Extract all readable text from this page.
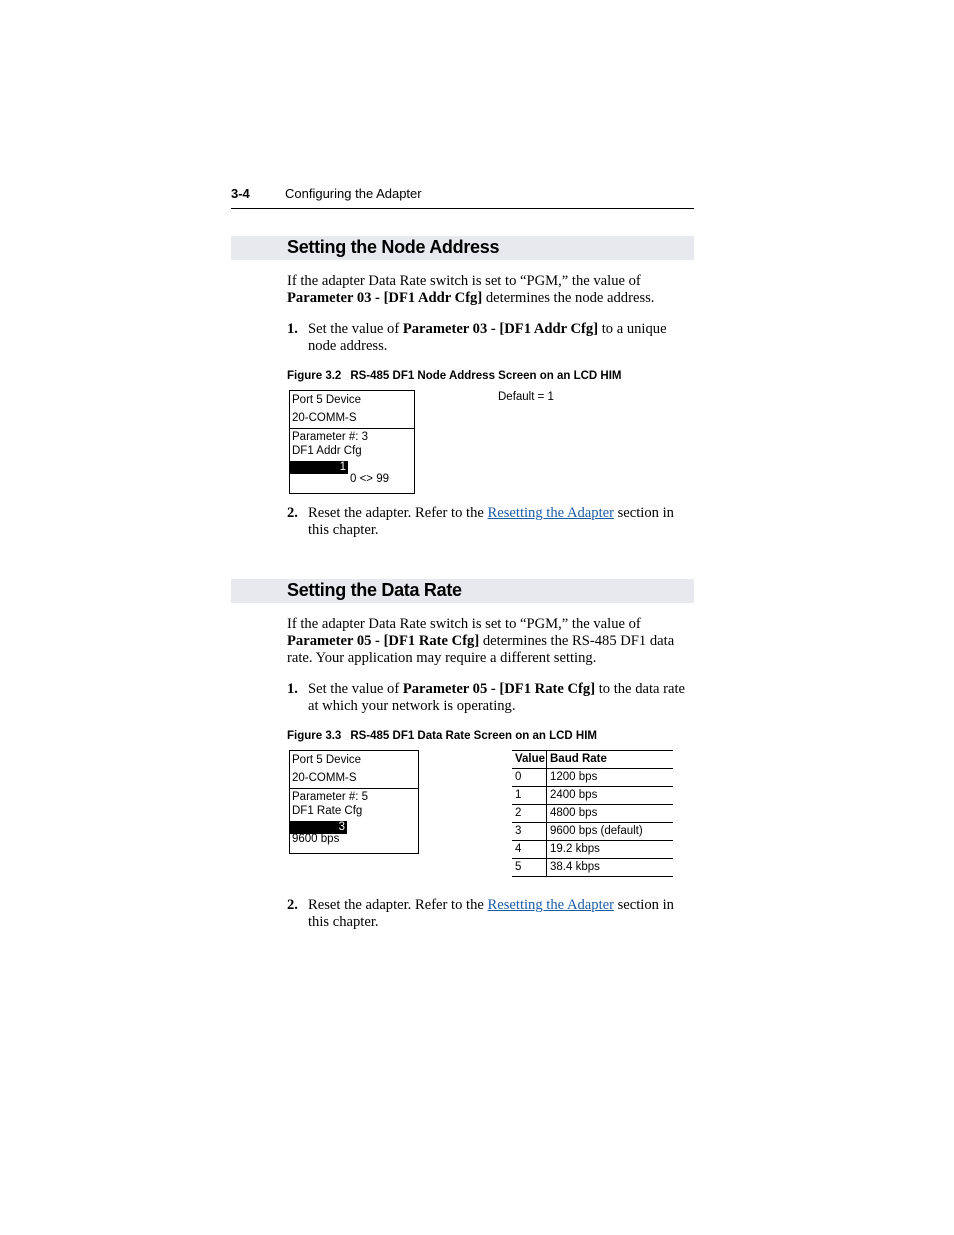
3-4	Configuring the Adapter
Setting the Node Address
If the adapter Data Rate switch is set to “PGM,” the value of Parameter 03 - [DF1 Addr Cfg] determines the node address.
1. Set the value of Parameter 03 - [DF1 Addr Cfg] to a unique node address.
Figure 3.2 RS-485 DF1 Node Address Screen on an LCD HIM
Port 5 Device
20-COMM-S
Parameter #: 3
DF1 Addr Cfg
1
0 <> 99
Default = 1
2. Reset the adapter. Refer to the Resetting the Adapter section in this chapter.
Setting the Data Rate
If the adapter Data Rate switch is set to “PGM,” the value of Parameter 05 - [DF1 Rate Cfg] determines the RS-485 DF1 data rate. Your application may require a different setting.
1. Set the value of Parameter 05 - [DF1 Rate Cfg] to the data rate at which your network is operating.
Figure 3.3 RS-485 DF1 Data Rate Screen on an LCD HIM
Port 5 Device
20-COMM-S
Parameter #: 5
DF1 Rate Cfg
3
9600 bps
Value Baud Rate
0 1200 bps
1 2400 bps
2 4800 bps
3 9600 bps (default)
4 19.2 kbps
5 38.4 kbps
2. Reset the adapter. Refer to the Resetting the Adapter section in this chapter.
